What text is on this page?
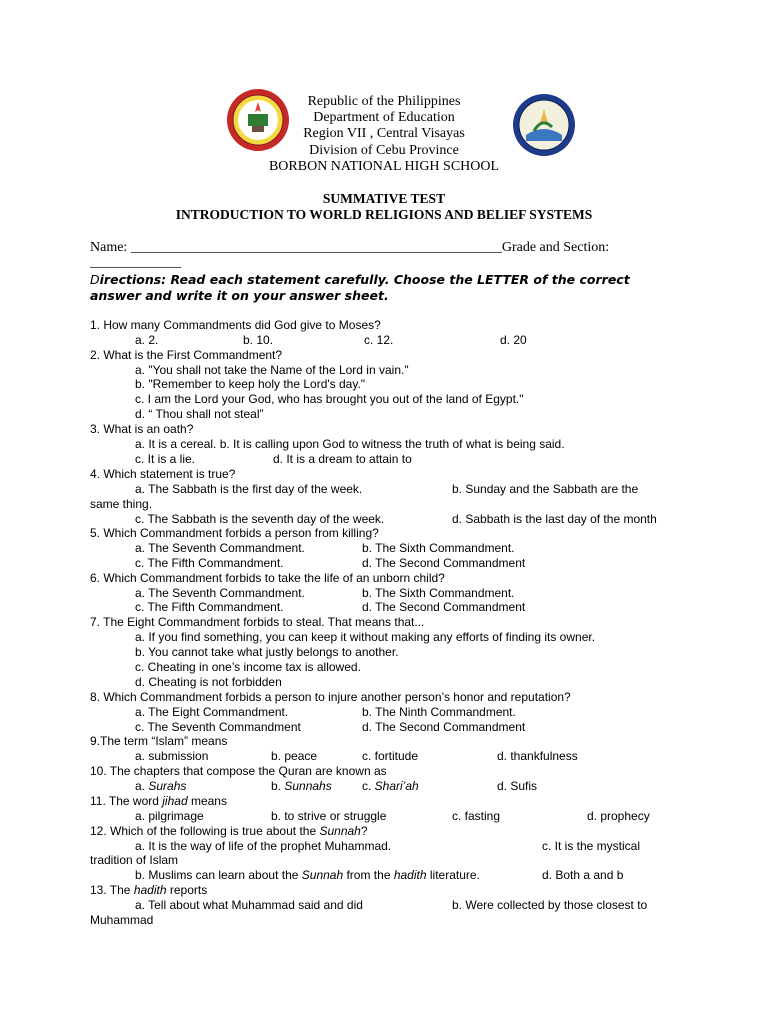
Republic of the Philippines
Department of Education
Region VII , Central Visayas
Division of Cebu Province
BORBON NATIONAL HIGH SCHOOL
SUMMATIVE TEST
INTRODUCTION TO WORLD RELIGIONS AND BELIEF SYSTEMS
Name: _____________________________________________________Grade and Section:
_____________
Directions: Read each statement carefully. Choose the LETTER of the correct
answer and write it on your answer sheet.
1. How many Commandments did God give to Moses?
a. 2.	b. 10.	c. 12.	d. 20
2. What is the First Commandment?
a. "You shall not take the Name of the Lord in vain."
b. "Remember to keep holy the Lord's day."
c. I am the Lord your God, who has brought you out of the land of Egypt."
d. “ Thou shall not steal”
3. What is an oath?
a. It is a cereal. b. It is calling upon God to witness the truth of what is being said.
c. It is a lie.	d. It is a dream to attain to
4. Which statement is true?
a. The Sabbath is the first day of the week.	b. Sunday and the Sabbath are the
same thing.
c. The Sabbath is the seventh day of the week.	d. Sabbath is the last day of the month
5. Which Commandment forbids a person from killing?
a. The Seventh Commandment.	b. The Sixth Commandment.
c. The Fifth Commandment.	d. The Second Commandment
6. Which Commandment forbids to take the life of an unborn child?
a. The Seventh Commandment.	b. The Sixth Commandment.
c. The Fifth Commandment.	d. The Second Commandment
7. The Eight Commandment forbids to steal. That means that...
a. If you find something, you can keep it without making any efforts of finding its owner.
b. You cannot take what justly belongs to another.
c. Cheating in one’s income tax is allowed.
d. Cheating is not forbidden
8. Which Commandment forbids a person to injure another person’s honor and reputation?
a. The Eight Commandment.	b. The Ninth Commandment.
c. The Seventh Commandment	d. The Second Commandment
9.The term “Islam” means
a. submission	b. peace	c. fortitude	d. thankfulness
10. The chapters that compose the Quran are known as
a. Surahs	b. Sunnahs	c. Shari’ah	d. Sufis
11. The word jihad means
a. pilgrimage	b. to strive or struggle	c. fasting	d. prophecy
12. Which of the following is true about the Sunnah?
a. It is the way of life of the prophet Muhammad.	c. It is the mystical
tradition of Islam
b. Muslims can learn about the Sunnah from the hadith literature.	d. Both a and b
13. The hadith reports
a. Tell about what Muhammad said and did	b. Were collected by those closest to
Muhammad
